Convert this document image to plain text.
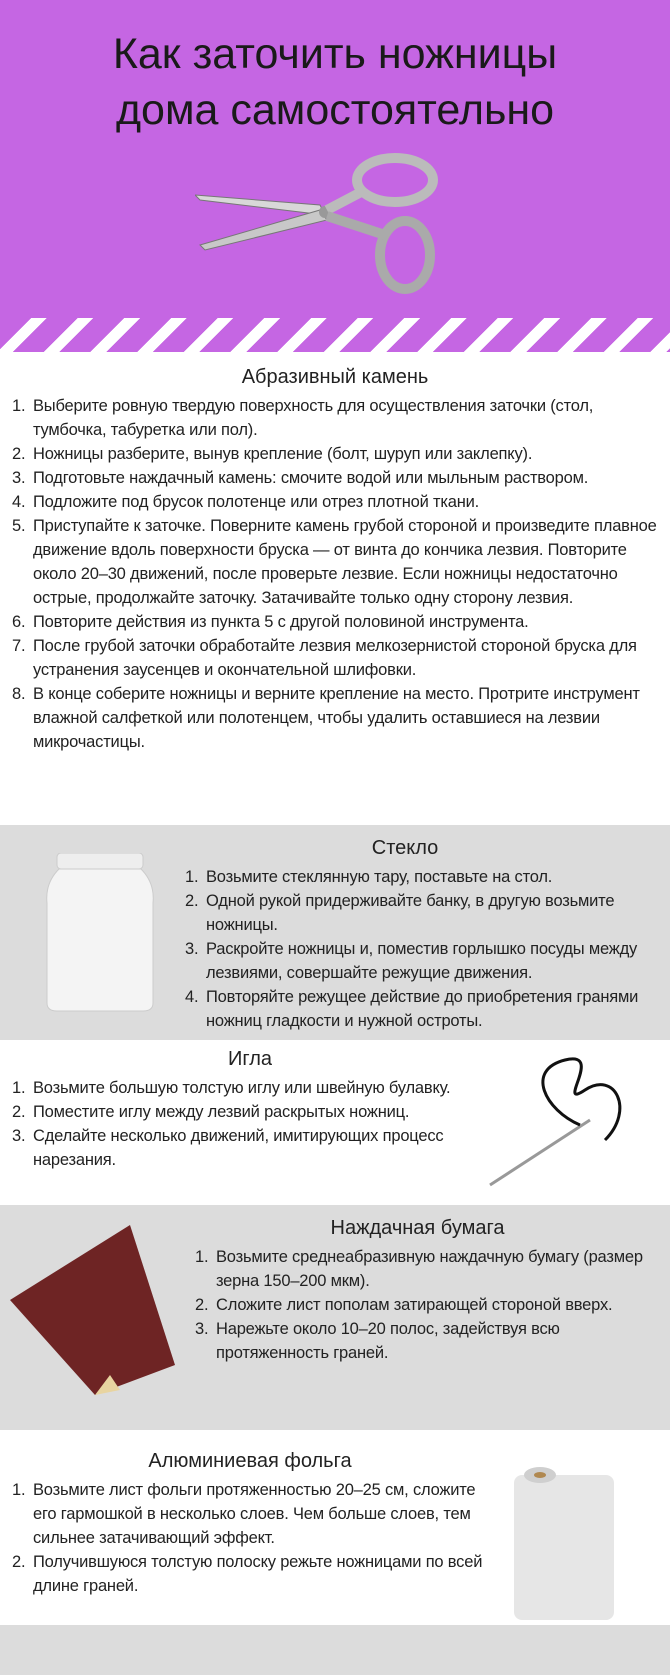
Как заточить ножницы
дома самостоятельно
Абразивный камень
1. Выберите ровную твердую поверхность для осуществления заточки (стол, тумбочка, табуретка или пол).
2. Ножницы разберите, вынув крепление (болт, шуруп или заклепку).
3. Подготовьте наждачный камень: смочите водой или мыльным раствором.
4. Подложите под брусок полотенце или отрез плотной ткани.
5. Приступайте к заточке. Поверните камень грубой стороной и произведите плавное движение вдоль поверхности бруска — от винта до кончика лезвия. Повторите около 20–30 движений, после проверьте лезвие. Если ножницы недостаточно острые, продолжайте заточку. Затачивайте только одну сторону лезвия.
6. Повторите действия из пункта 5 с другой половиной инструмента.
7. После грубой заточки обработайте лезвия мелкозернистой стороной бруска для устранения заусенцев и окончательной шлифовки.
8. В конце соберите ножницы и верните крепление на место. Протрите инструмент влажной салфеткой или полотенцем, чтобы удалить оставшиеся на лезвии микрочастицы.
Стекло
1. Возьмите стеклянную тару, поставьте на стол.
2. Одной рукой придерживайте банку, в другую возьмите ножницы.
3. Раскройте ножницы и, поместив горлышко посуды между лезвиями, совершайте режущие движения.
4. Повторяйте режущее действие до приобретения гранями ножниц гладкости и нужной остроты.
Игла
1. Возьмите большую толстую иглу или швейную булавку.
2. Поместите иглу между лезвий раскрытых ножниц.
3. Сделайте несколько движений, имитирующих процесс нарезания.
Наждачная бумага
1. Возьмите среднеабразивную наждачную бумагу (размер зерна 150–200 мкм).
2. Сложите лист пополам затирающей стороной вверх.
3. Нарежьте около 10–20 полос, задействуя всю протяженность граней.
Алюминиевая фольга
1. Возьмите лист фольги протяженностью 20–25 см, сложите его гармошкой в несколько слоев. Чем больше слоев, тем сильнее затачивающий эффект.
2. Получившуюся толстую полоску режьте ножницами по всей длине граней.
